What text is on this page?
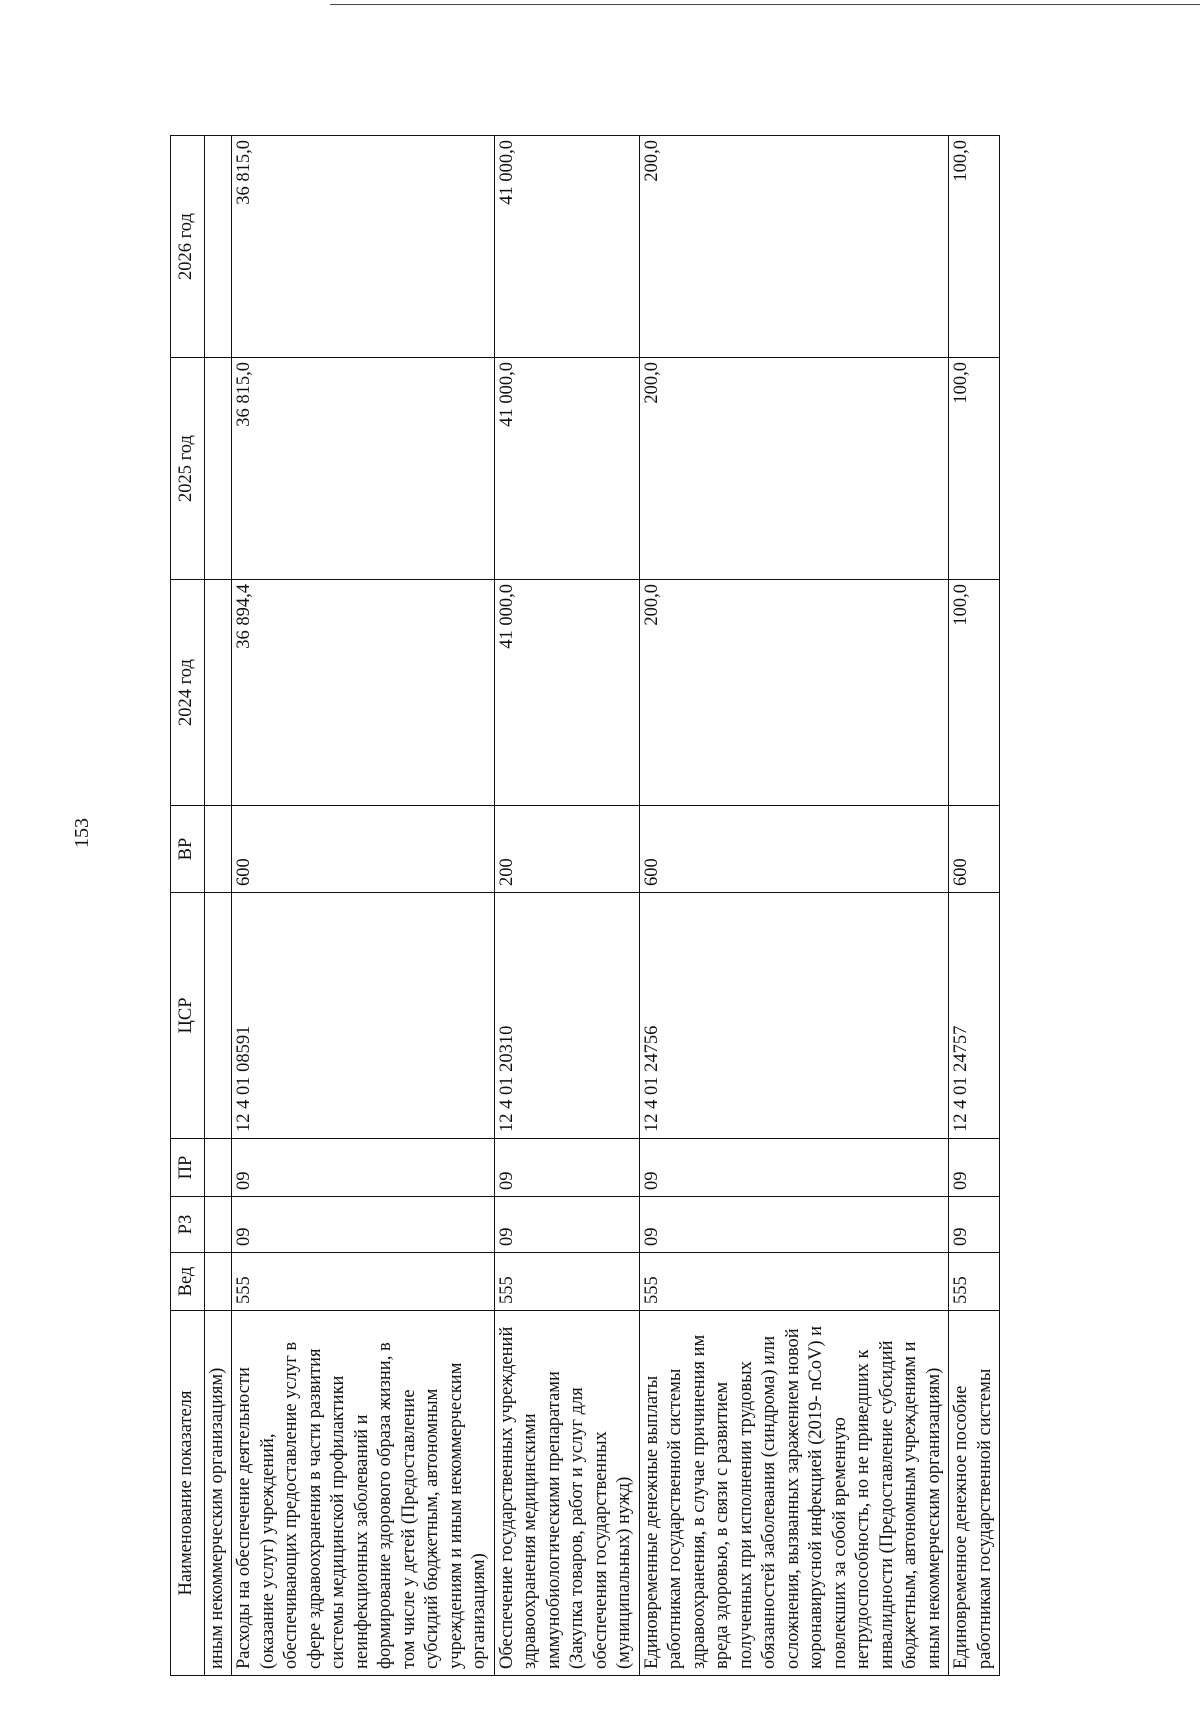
153
Наименование показателя	Вед	РЗ	ПР	ЦСР	ВР	2024 год	2025 год	2026 год
иным некоммерческим организациям)								
Расходы на обеспечение деятельности (оказание услуг) учреждений, обеспечивающих предоставление услуг в сфере здравоохранения в части развития системы медицинской профилактики неинфекционных заболеваний и формирование здорового образа жизни, в том числе у детей (Предоставление субсидий бюджетным, автономным учреждениям и иным некоммерческим организациям)	555	09	09	12 4 01 08591	600	36 894,4	36 815,0	36 815,0
Обеспечение государственных учреждений здравоохранения медицинскими иммунобиологическими препаратами (Закупка товаров, работ и услуг для обеспечения государственных (муниципальных) нужд)	555	09	09	12 4 01 20310	200	41 000,0	41 000,0	41 000,0
Единовременные денежные выплаты работникам государственной системы здравоохранения, в случае причинения им вреда здоровью, в связи с развитием полученных при исполнении трудовых обязанностей заболевания (синдрома) или осложнения, вызванных заражением новой коронавирусной инфекцией (2019- nCoV) и повлекших за собой временную нетрудоспособность, но не приведших к инвалидности (Предоставление субсидий бюджетным, автономным учреждениям и иным некоммерческим организациям)	555	09	09	12 4 01 24756	600	200,0	200,0	200,0
Единовременное денежное пособие работникам государственной системы	555	09	09	12 4 01 24757	600	100,0	100,0	100,0
